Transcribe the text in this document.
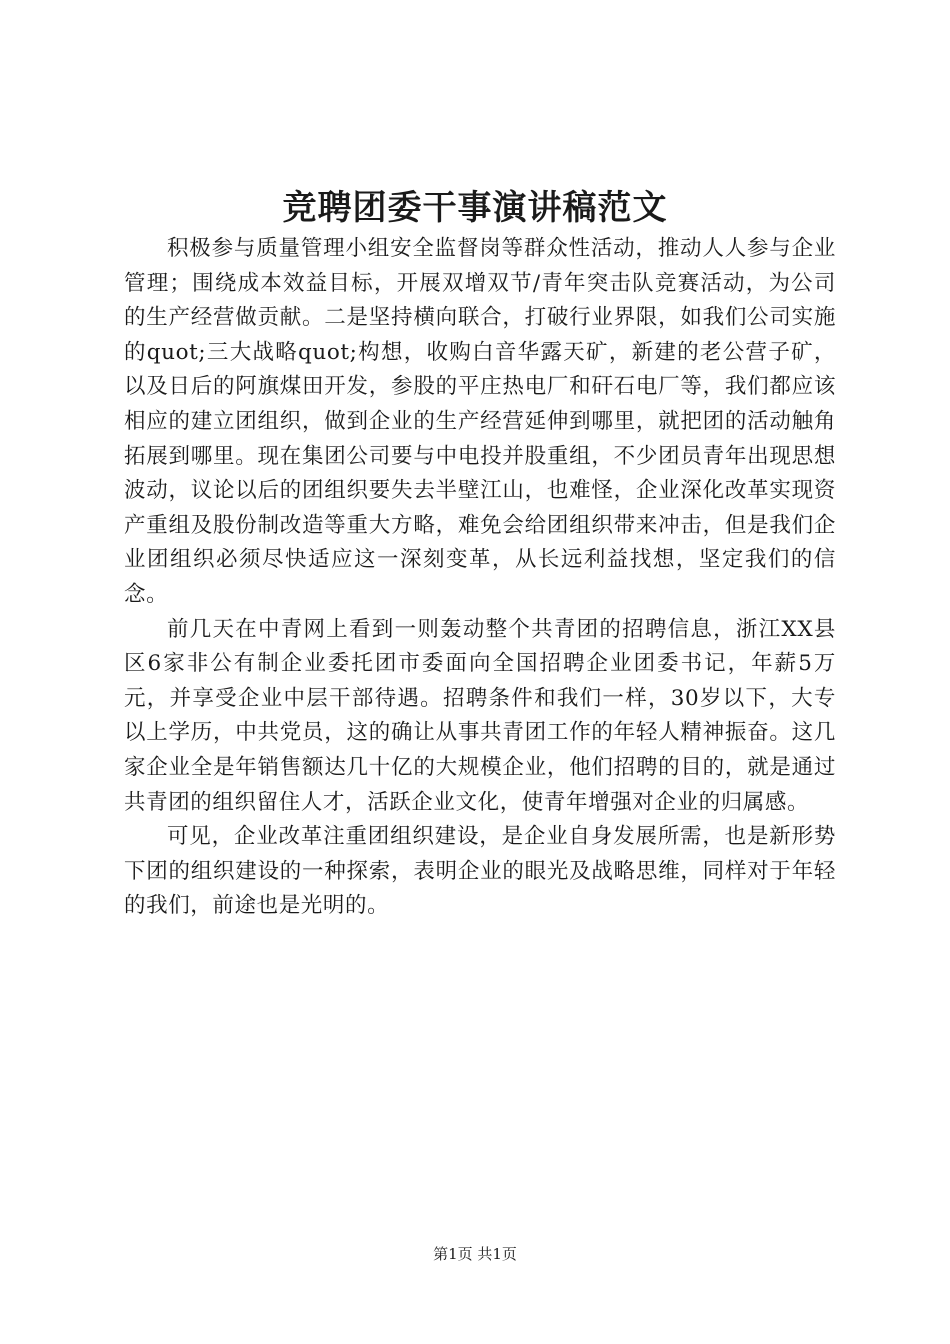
竞聘团委干事演讲稿范文

积极参与质量管理小组安全监督岗等群众性活动，推动人人参与企业管理；围绕成本效益目标，开展双增双节/青年突击队竞赛活动，为公司的生产经营做贡献。二是坚持横向联合，打破行业界限，如我们公司实施的quot;三大战略quot;构想，收购白音华露天矿，新建的老公营子矿，以及日后的阿旗煤田开发，参股的平庄热电厂和矸石电厂等，我们都应该相应的建立团组织，做到企业的生产经营延伸到哪里，就把团的活动触角拓展到哪里。现在集团公司要与中电投并股重组，不少团员青年出现思想波动，议论以后的团组织要失去半壁江山，也难怪，企业深化改革实现资产重组及股份制改造等重大方略，难免会给团组织带来冲击，但是我们企业团组织必须尽快适应这一深刻变革，从长远利益找想，坚定我们的信念。

前几天在中青网上看到一则轰动整个共青团的招聘信息，浙江XX县区6家非公有制企业委托团市委面向全国招聘企业团委书记，年薪5万元，并享受企业中层干部待遇。招聘条件和我们一样，30岁以下，大专以上学历，中共党员，这的确让从事共青团工作的年轻人精神振奋。这几家企业全是年销售额达几十亿的大规模企业，他们招聘的目的，就是通过共青团的组织留住人才，活跃企业文化，使青年增强对企业的归属感。

可见，企业改革注重团组织建设，是企业自身发展所需，也是新形势下团的组织建设的一种探索，表明企业的眼光及战略思维，同样对于年轻的我们，前途也是光明的。

第1页 共1页
